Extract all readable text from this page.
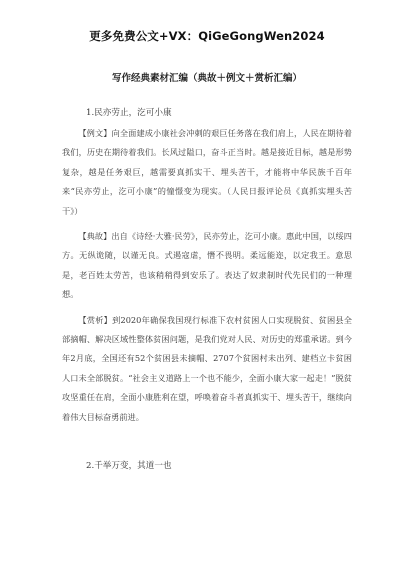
更多免费公文+VX：QiGeGongWen2024
写作经典素材汇编（典故＋例文＋赏析汇编）
1.民亦劳止，汔可小康

【例文】向全面建成小康社会冲刺的艰巨任务落在我们肩上，人民在期待着我们，历史在期待着我们。长风过隘口，奋斗正当时。越是接近目标，越是形势复杂，越是任务艰巨，越需要真抓实干、埋头苦干，才能将中华民族千百年来“民亦劳止，汔可小康”的憧憬变为现实。（人民日报评论员《真抓实埋头苦干》）

【典故】出自《诗经·大雅·民劳》，民亦劳止，汔可小康。惠此中国，以绥四方。无纵诡随，以谨无良。式遏寇虐，憯不畏明。柔远能迩，以定我王。意思是，老百姓太劳苦，也该稍稍得到安乐了。表达了奴隶制时代先民们的一种理想。

【赏析】到2020年确保我国现行标准下农村贫困人口实现脱贫、贫困县全部摘帽、解决区域性整体贫困问题，是我们党对人民、对历史的郑重承诺。到今年2月底，全国还有52个贫困县未摘帽、2707个贫困村未出列、建档立卡贫困人口未全部脱贫。“社会主义道路上一个也不能少，全面小康大家一起走！”脱贫攻坚重任在肩，全面小康胜利在望，呼唤着奋斗者真抓实干、埋头苦干，继续向着伟大目标奋勇前进。

2.千举万变，其道一也
